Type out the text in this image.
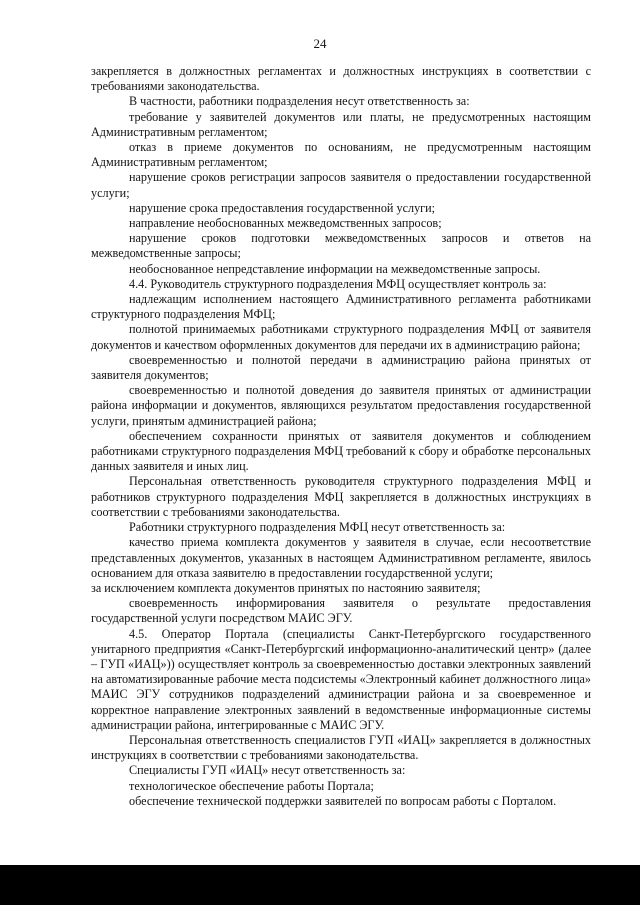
24

закрепляется в должностных регламентах и должностных инструкциях в соответствии с требованиями законодательства.

В частности, работники подразделения несут ответственность за:

требование у заявителей документов или платы, не предусмотренных настоящим Административным регламентом;

отказ в приеме документов по основаниям, не предусмотренным настоящим Административным регламентом;

нарушение сроков регистрации запросов заявителя о предоставлении государственной услуги;

нарушение срока предоставления государственной услуги;

направление необоснованных межведомственных запросов;

нарушение сроков подготовки межведомственных запросов и ответов на межведомственные запросы;

необоснованное непредставление информации на межведомственные запросы.

4.4. Руководитель структурного подразделения МФЦ осуществляет контроль за:

надлежащим исполнением настоящего Административного регламента работниками структурного подразделения МФЦ;

полнотой принимаемых работниками структурного подразделения МФЦ от заявителя документов и качеством оформленных документов для передачи их в администрацию района;

своевременностью и полнотой передачи в администрацию района принятых от заявителя документов;

своевременностью и полнотой доведения до заявителя принятых от администрации района информации и документов, являющихся результатом предоставления государственной услуги, принятым администрацией района;

обеспечением сохранности принятых от заявителя документов и соблюдением работниками структурного подразделения МФЦ требований к сбору и обработке персональных данных заявителя и иных лиц.

Персональная ответственность руководителя структурного подразделения МФЦ и работников структурного подразделения МФЦ закрепляется в должностных инструкциях в соответствии с требованиями законодательства.

Работники структурного подразделения МФЦ несут ответственность за:

качество приема комплекта документов у заявителя в случае, если несоответствие представленных документов, указанных в настоящем Административном регламенте, явилось основанием для отказа заявителю в предоставлении государственной услуги;

за исключением комплекта документов принятых по настоянию заявителя;

своевременность информирования заявителя о результате предоставления государственной услуги посредством МАИС ЭГУ.

4.5. Оператор Портала (специалисты Санкт-Петербургского государственного унитарного предприятия «Санкт-Петербургский информационно-аналитический центр» (далее – ГУП «ИАЦ»)) осуществляет контроль за своевременностью доставки электронных заявлений на автоматизированные рабочие места подсистемы «Электронный кабинет должностного лица» МАИС ЭГУ сотрудников подразделений администрации района и за своевременное и корректное направление электронных заявлений в ведомственные информационные системы администрации района, интегрированные с МАИС ЭГУ.

Персональная ответственность специалистов ГУП «ИАЦ» закрепляется в должностных инструкциях в соответствии с требованиями законодательства.

Специалисты ГУП «ИАЦ» несут ответственность за:

технологическое обеспечение работы Портала;

обеспечение технической поддержки заявителей по вопросам работы с Порталом.
